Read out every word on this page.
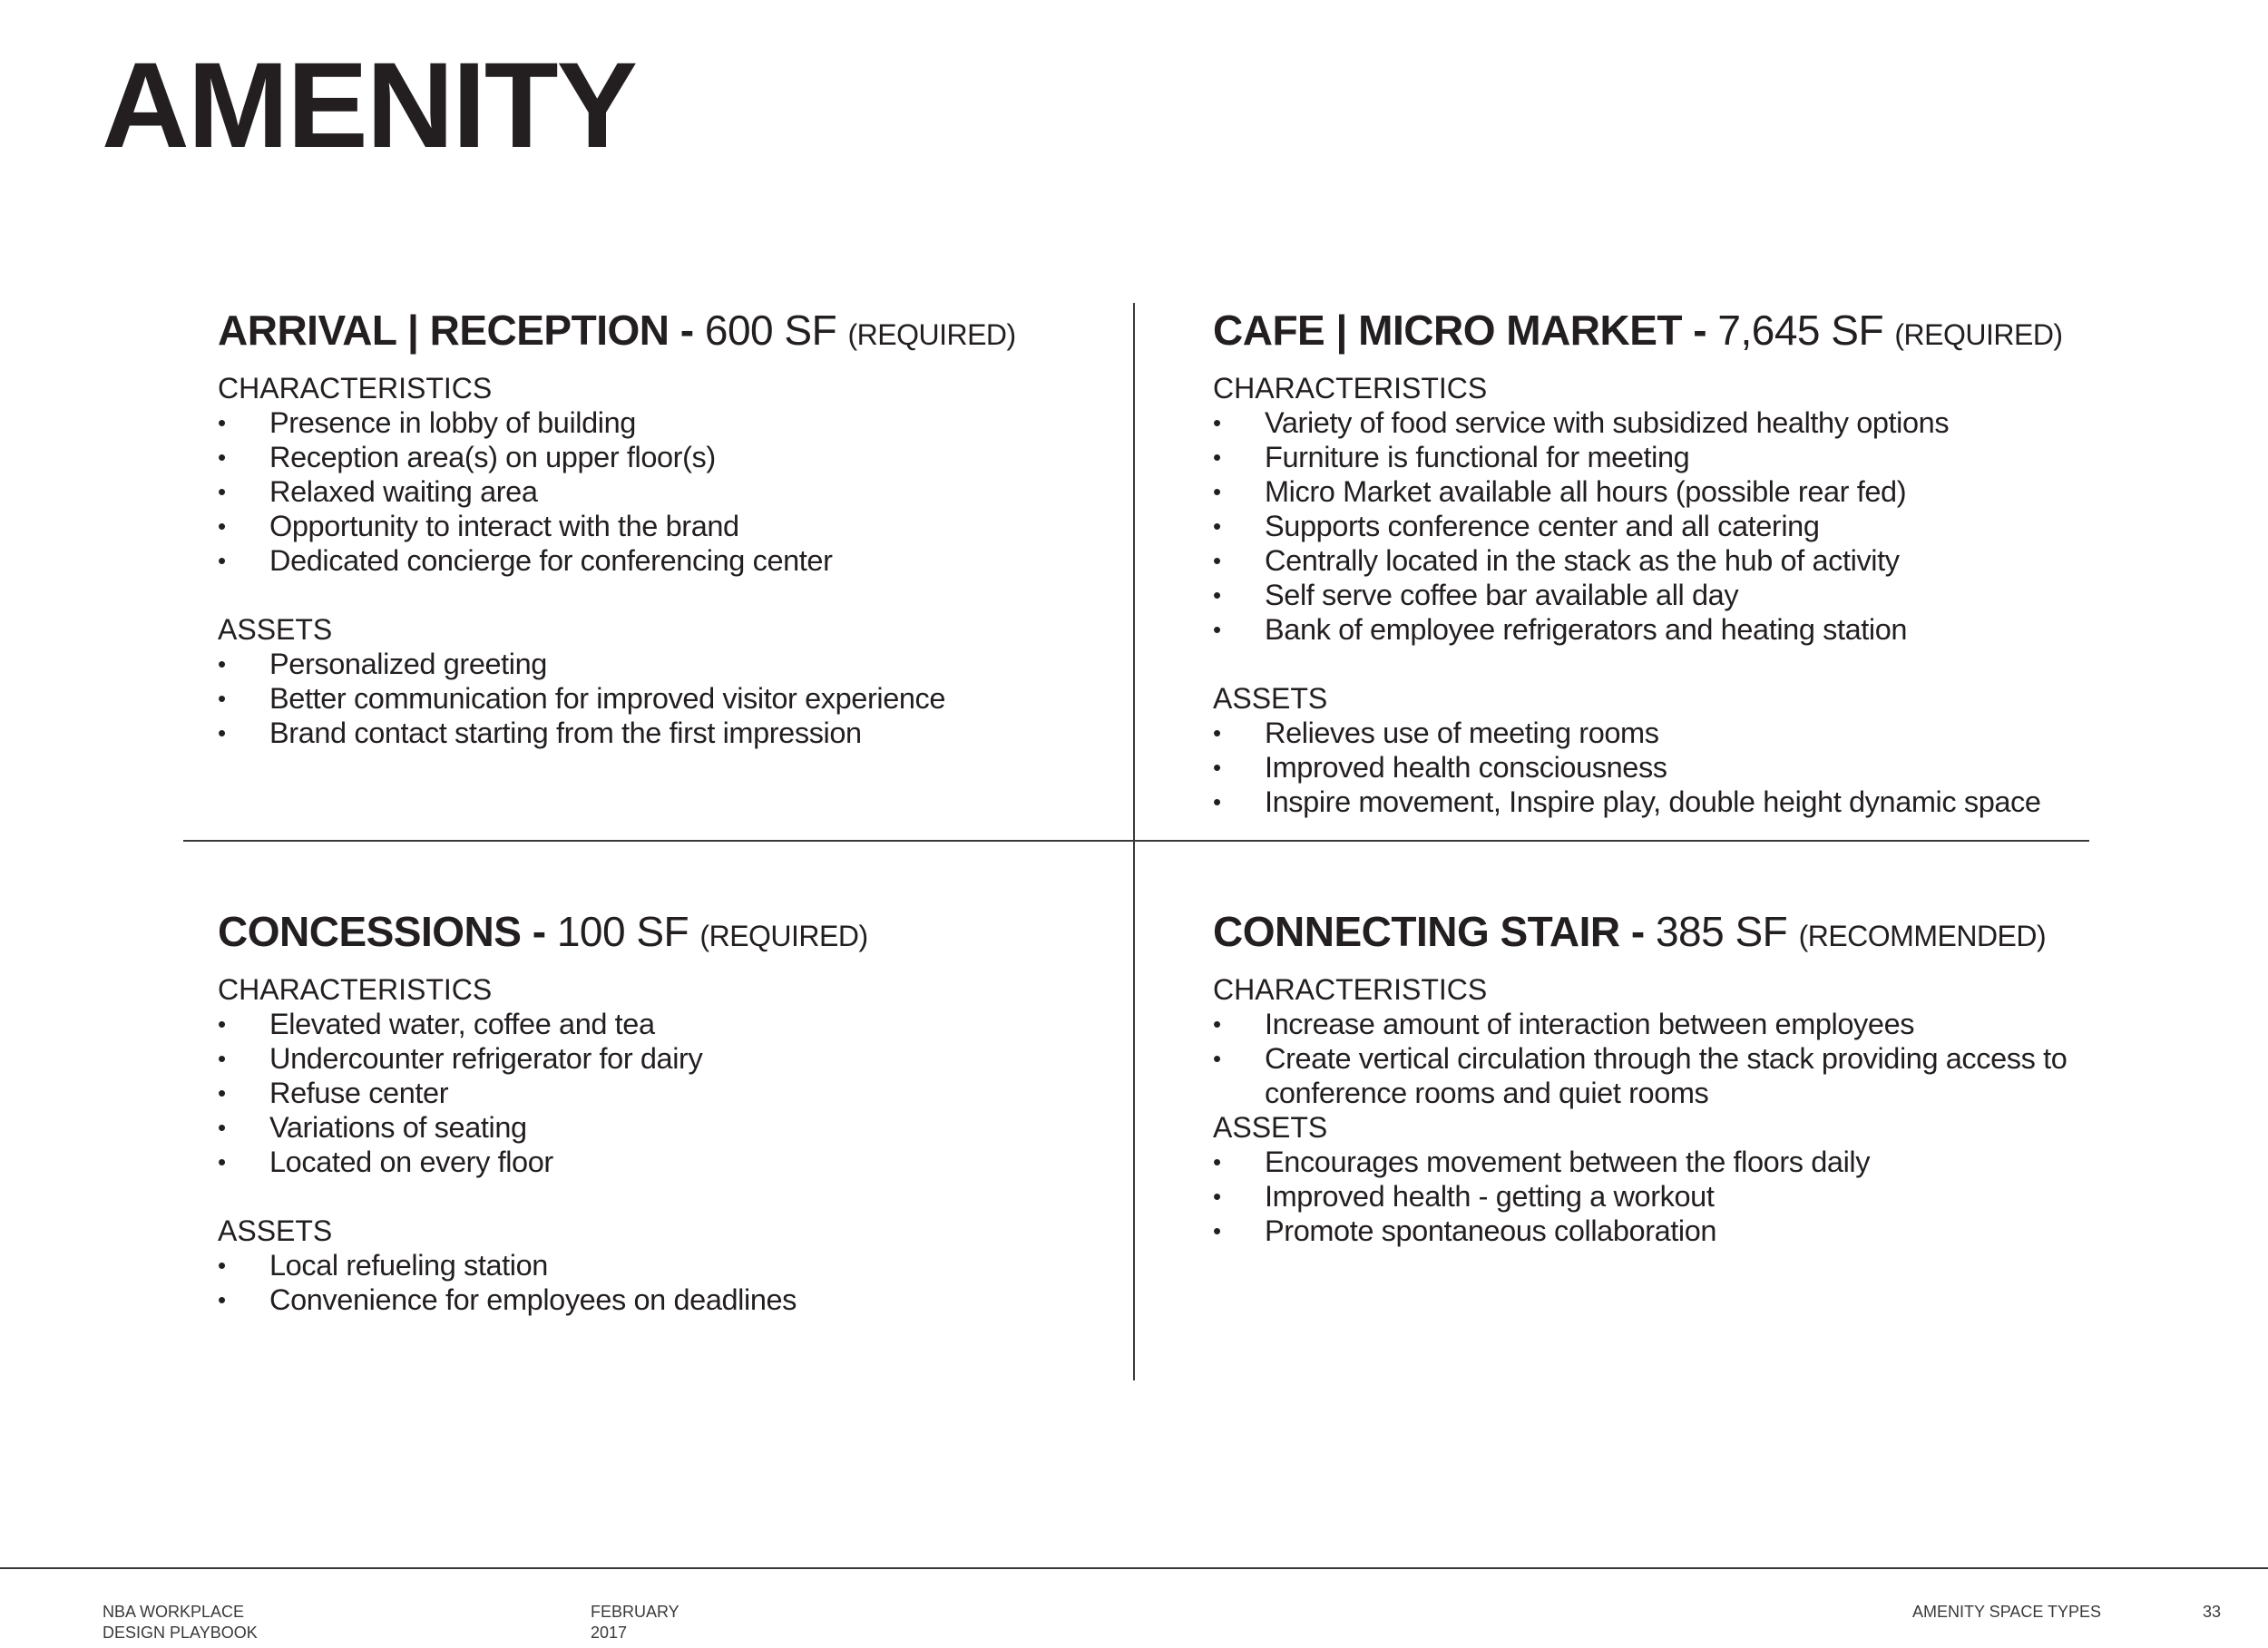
AMENITY
ARRIVAL | RECEPTION - 600 SF (REQUIRED)
CHARACTERISTICS
• Presence in lobby of building
• Reception area(s) on upper floor(s)
• Relaxed waiting area
• Opportunity to interact with the brand
• Dedicated concierge for conferencing center
ASSETS
• Personalized greeting
• Better communication for improved visitor experience
• Brand contact starting from the first impression
CAFE | MICRO MARKET - 7,645 SF (REQUIRED)
CHARACTERISTICS
• Variety of food service with subsidized healthy options
• Furniture is functional for meeting
• Micro Market available all hours (possible rear fed)
• Supports conference center and all catering
• Centrally located in the stack as the hub of activity
• Self serve coffee bar available all day
• Bank of employee refrigerators and heating station
ASSETS
• Relieves use of meeting rooms
• Improved health consciousness
• Inspire movement, Inspire play, double height dynamic space
CONCESSIONS - 100 SF (REQUIRED)
CHARACTERISTICS
• Elevated water, coffee and tea
• Undercounter refrigerator for dairy
• Refuse center
• Variations of seating
• Located on every floor
ASSETS
• Local refueling station
• Convenience for employees on deadlines
CONNECTING STAIR - 385 SF (RECOMMENDED)
CHARACTERISTICS
• Increase amount of interaction between employees
• Create vertical circulation through the stack providing access to conference rooms and quiet rooms
ASSETS
• Encourages movement between the floors daily
• Improved health - getting a workout
• Promote spontaneous collaboration
NBA WORKPLACE
DESIGN PLAYBOOK
FEBRUARY
2017
AMENITY SPACE TYPES	33
